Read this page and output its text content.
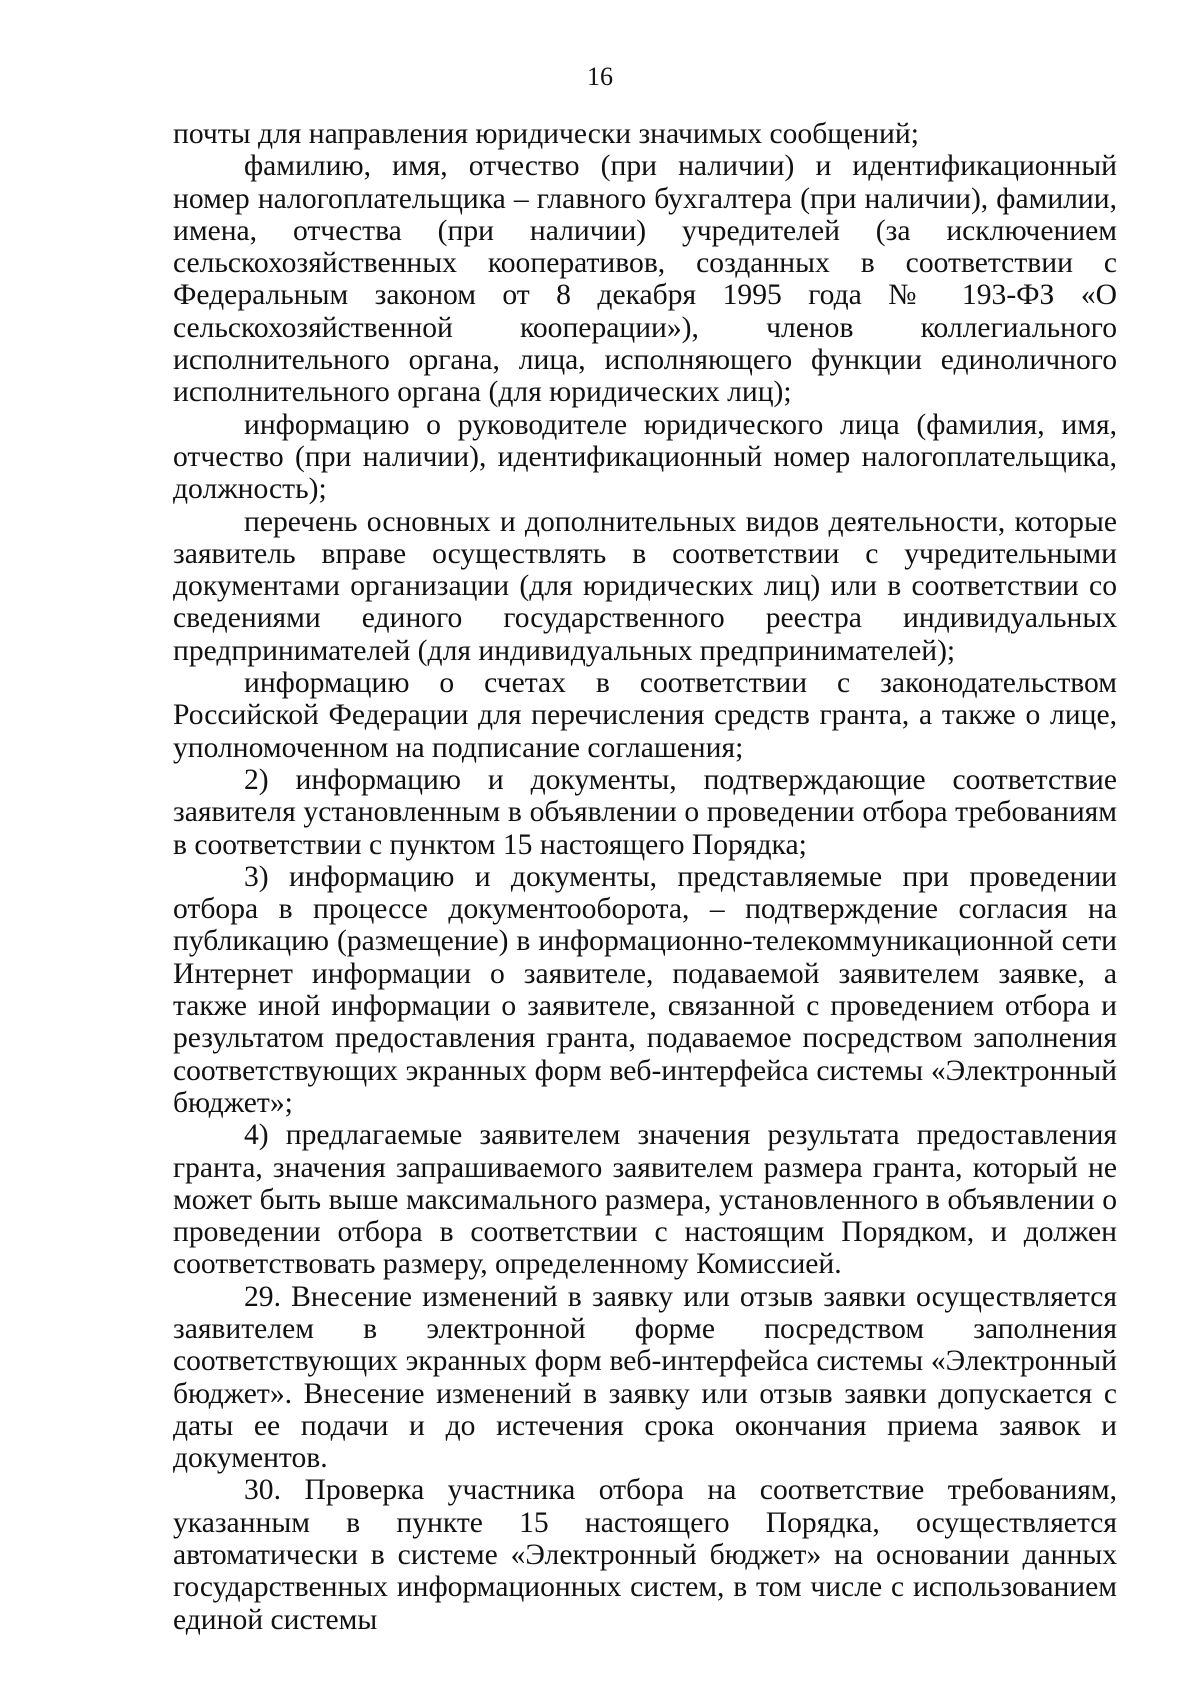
16

почты для направления юридически значимых сообщений;

фамилию, имя, отчество (при наличии) и идентификационный номер налогоплательщика – главного бухгалтера (при наличии), фамилии, имена, отчества (при наличии) учредителей (за исключением сельскохозяйственных кооперативов, созданных в соответствии с Федеральным законом от 8 декабря 1995 года № 193-ФЗ «О сельскохозяйственной кооперации»), членов коллегиального исполнительного органа, лица, исполняющего функции единоличного исполнительного органа (для юридических лиц);

информацию о руководителе юридического лица (фамилия, имя, отчество (при наличии), идентификационный номер налогоплательщика, должность);

перечень основных и дополнительных видов деятельности, которые заявитель вправе осуществлять в соответствии с учредительными документами организации (для юридических лиц) или в соответствии со сведениями единого государственного реестра индивидуальных предпринимателей (для индивидуальных предпринимателей);

информацию о счетах в соответствии с законодательством Российской Федерации для перечисления средств гранта, а также о лице, уполномоченном на подписание соглашения;

2) информацию и документы, подтверждающие соответствие заявителя установленным в объявлении о проведении отбора требованиям в соответствии с пунктом 15 настоящего Порядка;

3) информацию и документы, представляемые при проведении отбора в процессе документооборота, – подтверждение согласия на публикацию (размещение) в информационно-телекоммуникационной сети Интернет информации о заявителе, подаваемой заявителем заявке, а также иной информации о заявителе, связанной с проведением отбора и результатом предоставления гранта, подаваемое посредством заполнения соответствующих экранных форм веб-интерфейса системы «Электронный бюджет»;

4) предлагаемые заявителем значения результата предоставления гранта, значения запрашиваемого заявителем размера гранта, который не может быть выше максимального размера, установленного в объявлении о проведении отбора в соответствии с настоящим Порядком, и должен соответствовать размеру, определенному Комиссией.

29. Внесение изменений в заявку или отзыв заявки осуществляется заявителем в электронной форме посредством заполнения соответствующих экранных форм веб-интерфейса системы «Электронный бюджет». Внесение изменений в заявку или отзыв заявки допускается с даты ее подачи и до истечения срока окончания приема заявок и документов.

30. Проверка участника отбора на соответствие требованиям, указанным в пункте 15 настоящего Порядка, осуществляется автоматически в системе «Электронный бюджет» на основании данных государственных информационных систем, в том числе с использованием единой системы
